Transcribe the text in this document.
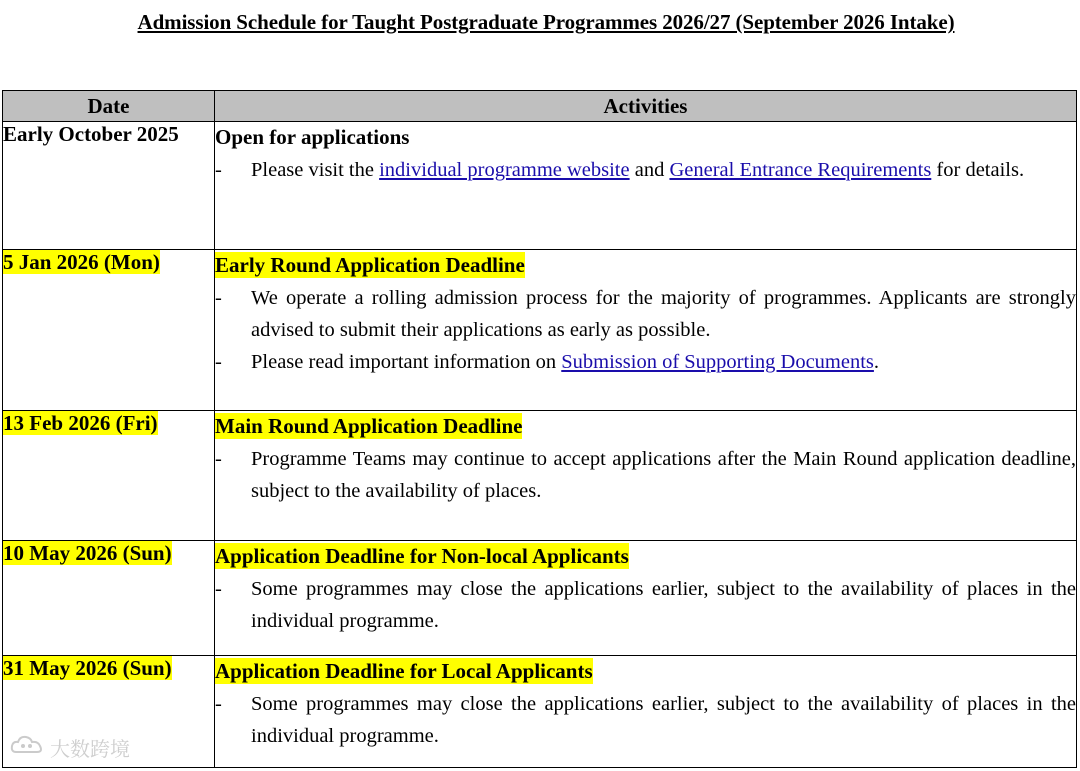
Admission Schedule for Taught Postgraduate Programmes 2026/27 (September 2026 Intake)
Date	Activities
Early October 2025	Open for applications
- Please visit the individual programme website and General Entrance Requirements for details.

5 Jan 2026 (Mon)	Early Round Application Deadline
- We operate a rolling admission process for the majority of programmes. Applicants are strongly advised to submit their applications as early as possible.
- Please read important information on Submission of Supporting Documents.

13 Feb 2026 (Fri)	Main Round Application Deadline
- Programme Teams may continue to accept applications after the Main Round application deadline, subject to the availability of places.

10 May 2026 (Sun)	Application Deadline for Non-local Applicants
- Some programmes may close the applications earlier, subject to the availability of places in the individual programme.

31 May 2026 (Sun)	Application Deadline for Local Applicants
- Some programmes may close the applications earlier, subject to the availability of places in the individual programme.
大数跨境
